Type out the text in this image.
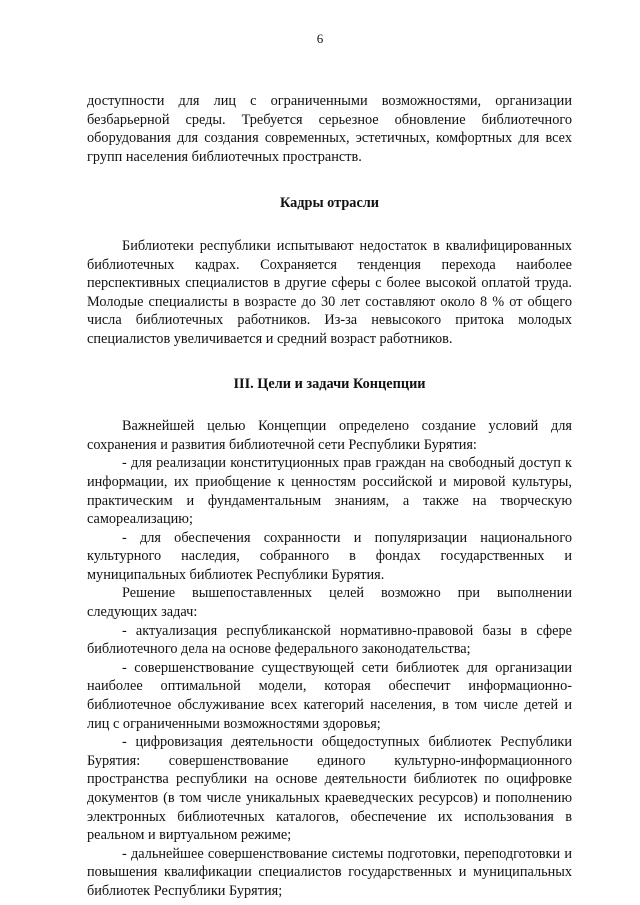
6

доступности для лиц с ограниченными возможностями, организации безбарьерной среды. Требуется серьезное обновление библиотечного оборудования для создания современных, эстетичных, комфортных для всех групп населения библиотечных пространств.

Кадры отрасли

Библиотеки республики испытывают недостаток в квалифицированных библиотечных кадрах. Сохраняется тенденция перехода наиболее перспективных специалистов в другие сферы с более высокой оплатой труда. Молодые специалисты в возрасте до 30 лет составляют около 8 % от общего числа библиотечных работников. Из-за невысокого притока молодых специалистов увеличивается и средний возраст работников.

III. Цели и задачи Концепции

Важнейшей целью Концепции определено создание условий для сохранения и развития библиотечной сети Республики Бурятия:

- для реализации конституционных прав граждан на свободный доступ к информации, их приобщение к ценностям российской и мировой культуры, практическим и фундаментальным знаниям, а также на творческую самореализацию;

- для обеспечения сохранности и популяризации национального культурного наследия, собранного в фондах государственных и муниципальных библиотек Республики Бурятия.

Решение вышепоставленных целей возможно при выполнении следующих задач:

- актуализация республиканской нормативно-правовой базы в сфере библиотечного дела на основе федерального законодательства;

- совершенствование существующей сети библиотек для организации наиболее оптимальной модели, которая обеспечит информационно-библиотечное обслуживание всех категорий населения, в том числе детей и лиц с ограниченными возможностями здоровья;

- цифровизация деятельности общедоступных библиотек Республики Бурятия: совершенствование единого культурно-информационного пространства республики на основе деятельности библиотек по оцифровке документов (в том числе уникальных краеведческих ресурсов) и пополнению электронных библиотечных каталогов, обеспечение их использования в реальном и виртуальном режиме;

- дальнейшее совершенствование системы подготовки, переподготовки и повышения квалификации специалистов государственных и муниципальных библиотек Республики Бурятия;
